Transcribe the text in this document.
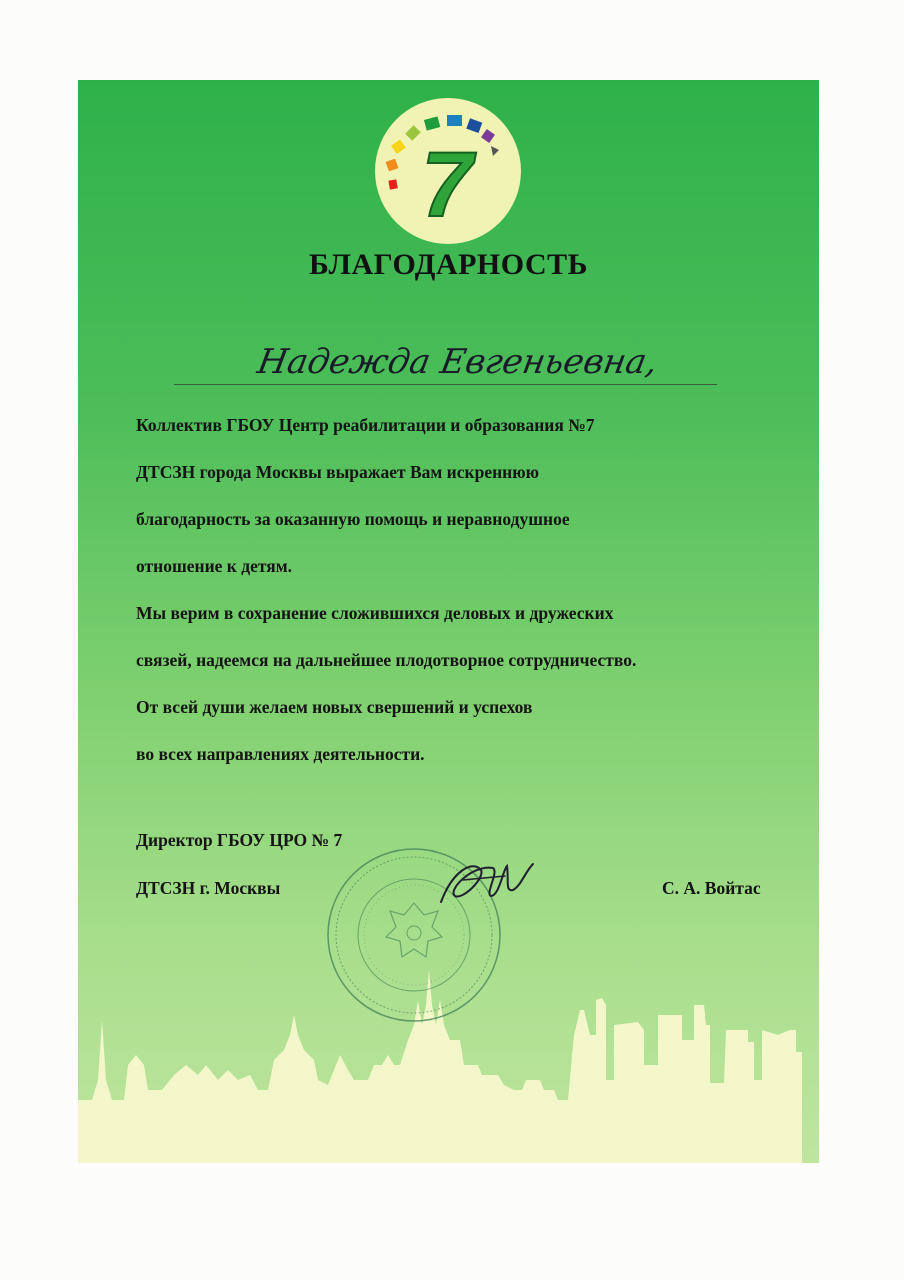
7
БЛАГОДАРНОСТЬ
Надежда Евгеньевна,
Коллектив ГБОУ Центр реабилитации и образования №7
ДТСЗН города Москвы выражает Вам искреннюю
благодарность за оказанную помощь и неравнодушное
отношение к детям.
Мы верим в сохранение сложившихся деловых и дружеских
связей, надеемся на дальнейшее плодотворное сотрудничество.
От всей души желаем новых свершений и успехов
во всех направлениях деятельности.
Директор ГБОУ ЦРО № 7
ДТСЗН г. Москвы	С. А. Войтас
